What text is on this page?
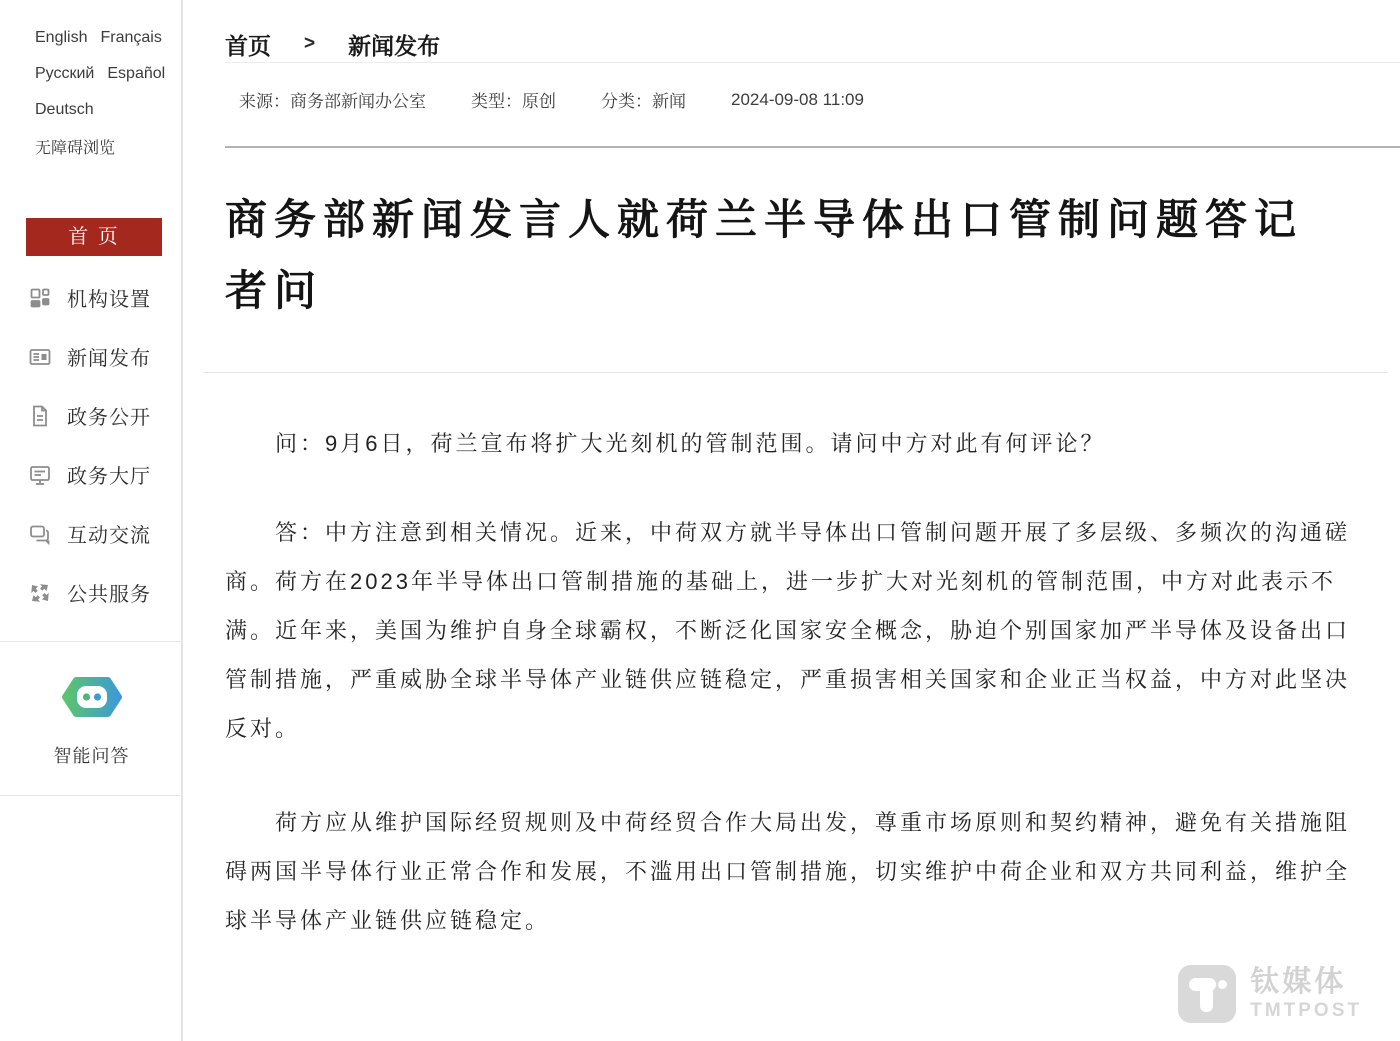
English Français
Русский Español
Deutsch
无障碍浏览
首 页
机构设置
新闻发布
政务公开
政务大厅
互动交流
公共服务
智能问答
首页 > 新闻发布
来源：商务部新闻办公室	类型：原创	分类：新闻	2024-09-08 11:09
商务部新闻发言人就荷兰半导体出口管制问题答记者问

问：9月6日，荷兰宣布将扩大光刻机的管制范围。请问中方对此有何评论？

答：中方注意到相关情况。近来，中荷双方就半导体出口管制问题开展了多层级、多频次的沟通磋商。荷方在2023年半导体出口管制措施的基础上，进一步扩大对光刻机的管制范围，中方对此表示不满。近年来，美国为维护自身全球霸权，不断泛化国家安全概念，胁迫个别国家加严半导体及设备出口管制措施，严重威胁全球半导体产业链供应链稳定，严重损害相关国家和企业正当权益，中方对此坚决反对。

荷方应从维护国际经贸规则及中荷经贸合作大局出发，尊重市场原则和契约精神，避免有关措施阻碍两国半导体行业正常合作和发展，不滥用出口管制措施，切实维护中荷企业和双方共同利益，维护全球半导体产业链供应链稳定。

钛媒体
TMTPOST
